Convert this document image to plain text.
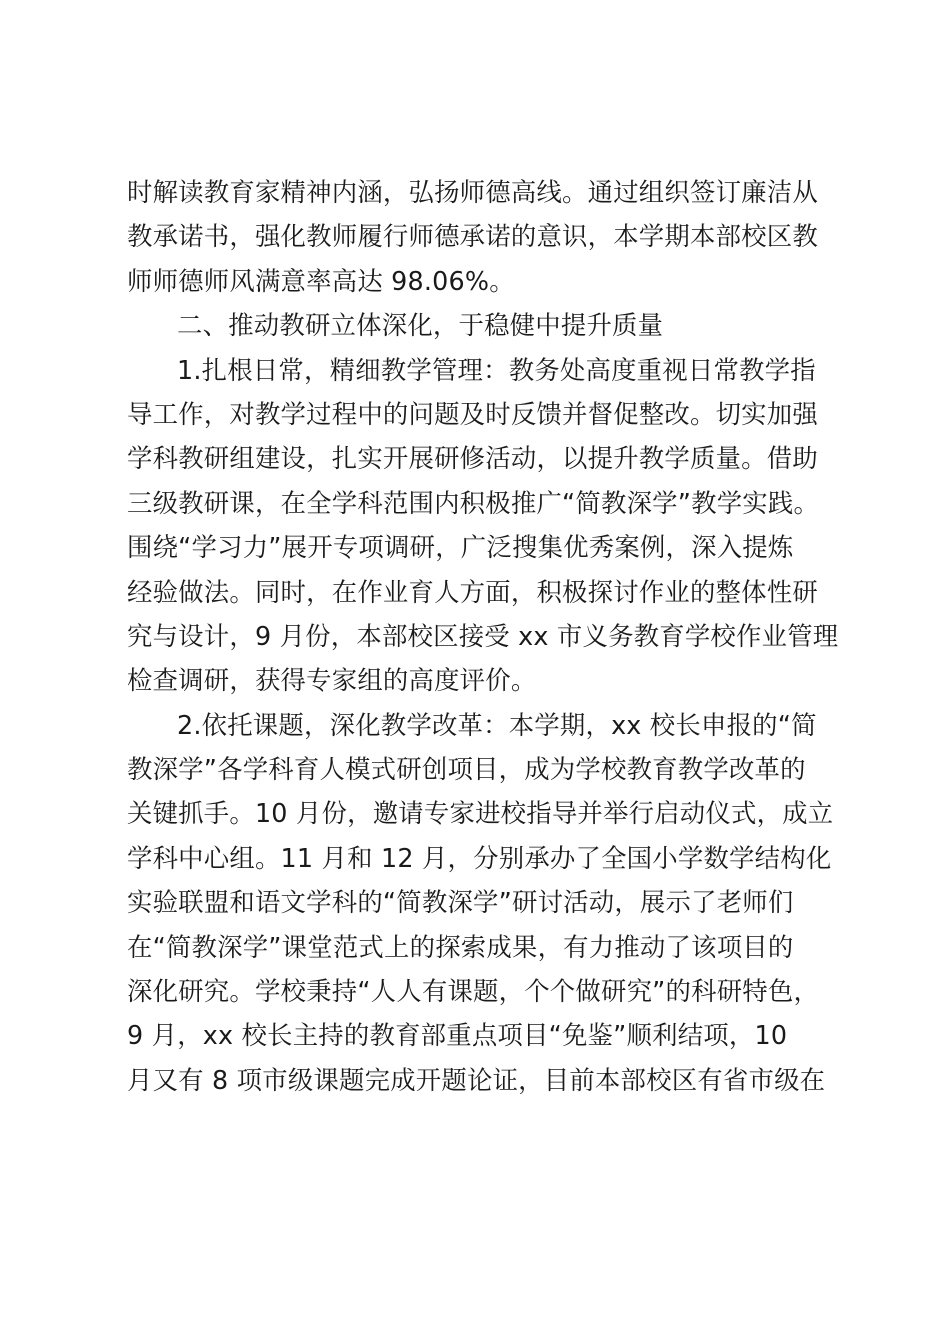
时解读教育家精神内涵，弘扬师德高线。通过组织签订廉洁从
教承诺书，强化教师履行师德承诺的意识，本学期本部校区教
师师德师风满意率高达 98.06%。
二、推动教研立体深化，于稳健中提升质量
1.扎根日常，精细教学管理：教务处高度重视日常教学指
导工作，对教学过程中的问题及时反馈并督促整改。切实加强
学科教研组建设，扎实开展研修活动，以提升教学质量。借助
三级教研课，在全学科范围内积极推广“简教深学”教学实践。
围绕“学习力”展开专项调研，广泛搜集优秀案例，深入提炼
经验做法。同时，在作业育人方面，积极探讨作业的整体性研
究与设计，9 月份，本部校区接受 xx 市义务教育学校作业管理
检查调研，获得专家组的高度评价。
2.依托课题，深化教学改革：本学期，xx 校长申报的“简
教深学”各学科育人模式研创项目，成为学校教育教学改革的
关键抓手。10 月份，邀请专家进校指导并举行启动仪式，成立
学科中心组。11 月和 12 月，分别承办了全国小学数学结构化
实验联盟和语文学科的“简教深学”研讨活动，展示了老师们
在“简教深学”课堂范式上的探索成果，有力推动了该项目的
深化研究。学校秉持“人人有课题，个个做研究”的科研特色，
9 月，xx 校长主持的教育部重点项目“免鉴”顺利结项，10
月又有 8 项市级课题完成开题论证，目前本部校区有省市级在
